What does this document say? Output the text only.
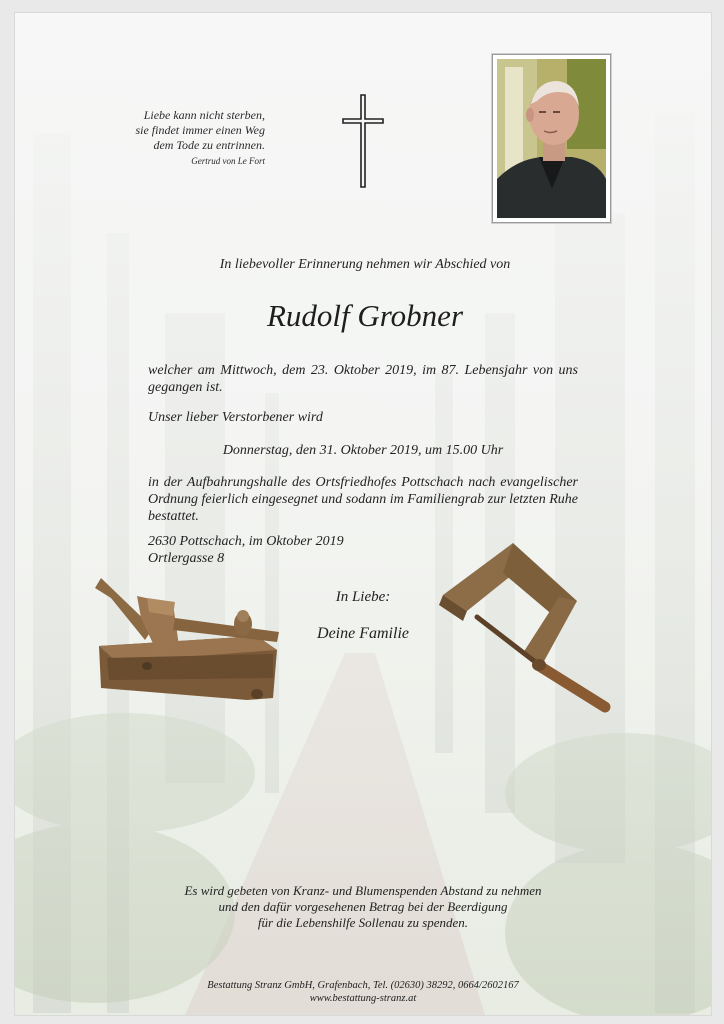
Liebe kann nicht sterben,
sie findet immer einen Weg
dem Tode zu entrinnen.
Gertrud von Le Fort
In liebevoller Erinnerung nehmen wir Abschied von
Rudolf Grobner
welcher am Mittwoch, dem 23. Oktober 2019, im 87. Lebensjahr von uns gegangen ist.
Unser lieber Verstorbener wird
Donnerstag, den 31. Oktober 2019, um 15.00 Uhr
in der Aufbahrungshalle des Ortsfriedhofes Pottschach nach evangelischer Ordnung feierlich eingesegnet und sodann im Familiengrab zur letzten Ruhe bestattet.
2630 Pottschach, im Oktober 2019
Ortlergasse 8
In Liebe:
Deine Familie
Es wird gebeten von Kranz- und Blumenspenden Abstand zu nehmen
und den dafür vorgesehenen Betrag bei der Beerdigung
für die Lebenshilfe Sollenau zu spenden.
Bestattung Stranz GmbH, Grafenbach, Tel. (02630) 38292, 0664/2602167
www.bestattung-stranz.at
